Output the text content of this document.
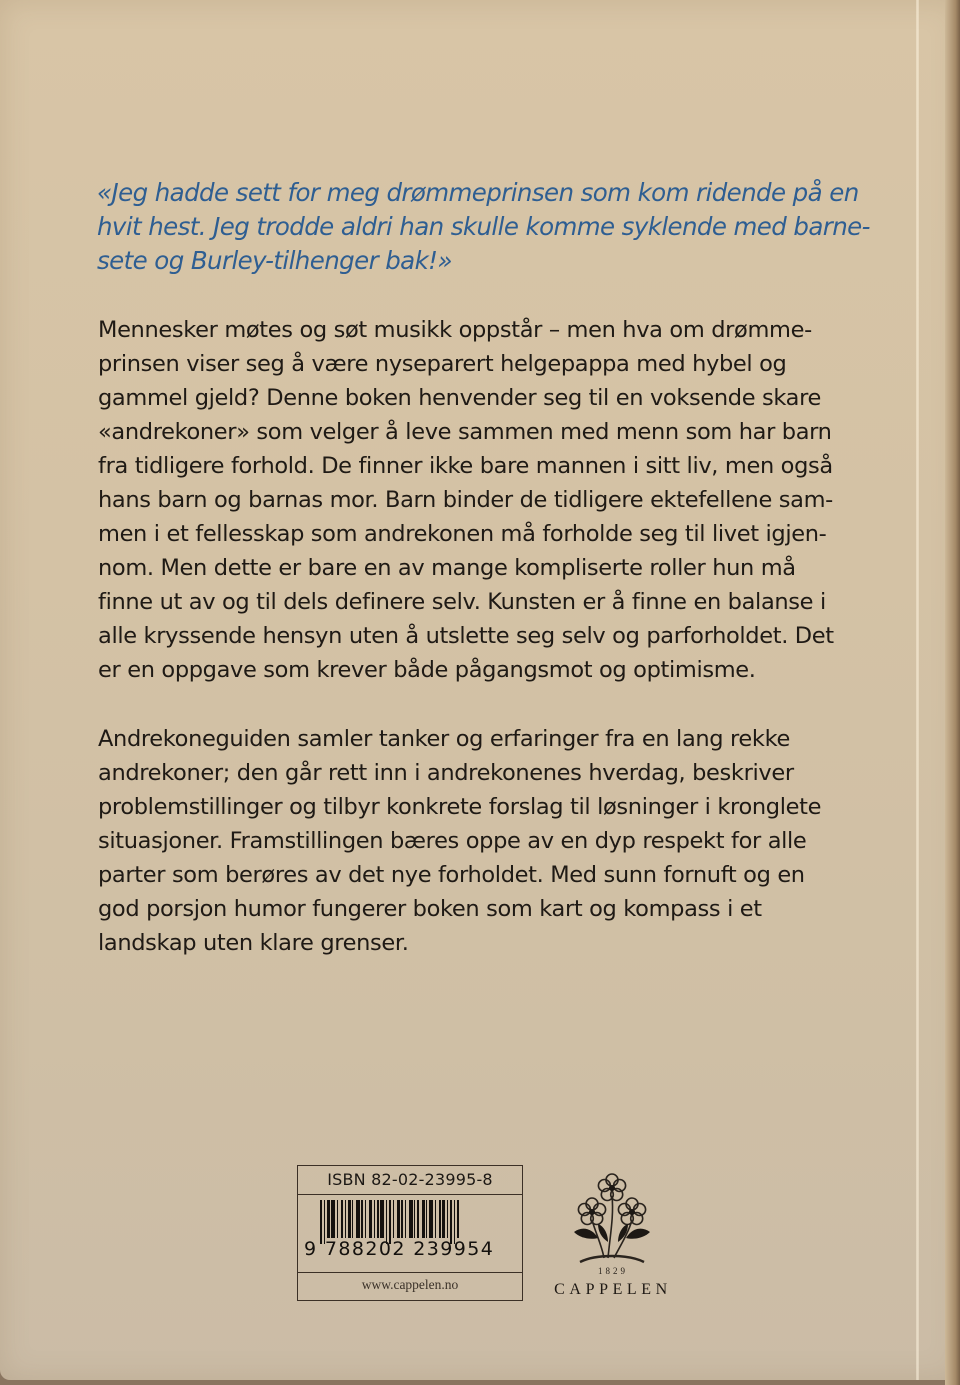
«Jeg hadde sett for meg drømmeprinsen som kom ridende på en
hvit hest. Jeg trodde aldri han skulle komme syklende med barne-
sete og Burley-tilhenger bak!»
Mennesker møtes og søt musikk oppstår – men hva om drømme-
prinsen viser seg å være nyseparert helgepappa med hybel og
gammel gjeld? Denne boken henvender seg til en voksende skare
«andrekoner» som velger å leve sammen med menn som har barn
fra tidligere forhold. De finner ikke bare mannen i sitt liv, men også
hans barn og barnas mor. Barn binder de tidligere ektefellene sam-
men i et fellesskap som andrekonen må forholde seg til livet igjen-
nom. Men dette er bare en av mange kompliserte roller hun må
finne ut av og til dels definere selv. Kunsten er å finne en balanse i
alle kryssende hensyn uten å utslette seg selv og parforholdet. Det
er en oppgave som krever både pågangsmot og optimisme.
Andrekoneguiden samler tanker og erfaringer fra en lang rekke
andrekoner; den går rett inn i andrekonenes hverdag, beskriver
problemstillinger og tilbyr konkrete forslag til løsninger i kronglete
situasjoner. Framstillingen bæres oppe av en dyp respekt for alle
parter som berøres av det nye forholdet. Med sunn fornuft og en
god porsjon humor fungerer boken som kart og kompass i et
landskap uten klare grenser.
ISBN 82-02-23995-8
9 788202 239954
www.cappelen.no
1829
CAPPELEN
